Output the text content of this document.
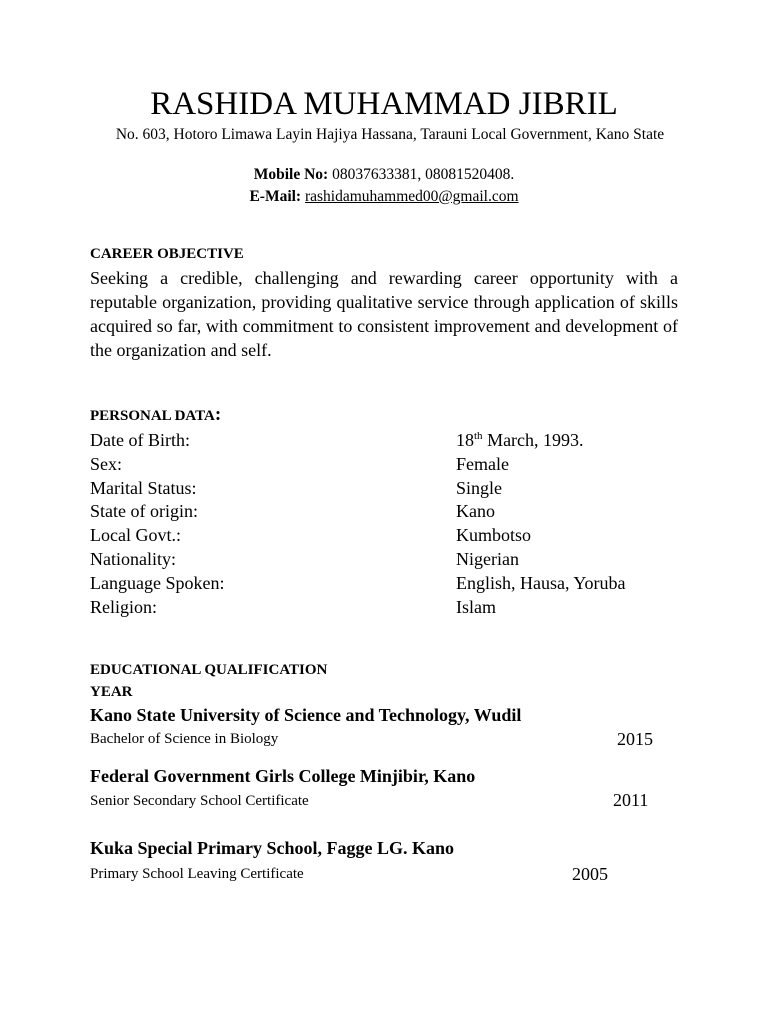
RASHIDA MUHAMMAD JIBRIL
No. 603, Hotoro Limawa Layin Hajiya Hassana, Tarauni Local Government, Kano State
Mobile No: 08037633381, 08081520408.
E-Mail: rashidamuhammed00@gmail.com
CAREER OBJECTIVE
Seeking a credible, challenging and rewarding career opportunity with a reputable organization, providing qualitative service through application of skills acquired so far, with commitment to consistent improvement and development of the organization and self.
PERSONAL DATA:
Date of Birth:	18th March, 1993.
Sex:	Female
Marital Status:	Single
State of origin:	Kano
Local Govt.:	Kumbotso
Nationality:	Nigerian
Language Spoken:	English, Hausa, Yoruba
Religion:	Islam
EDUCATIONAL QUALIFICATION
YEAR
Kano State University of Science and Technology, Wudil
Bachelor of Science in Biology	2015
Federal Government Girls College Minjibir, Kano
Senior Secondary School Certificate	2011
Kuka Special Primary School, Fagge LG. Kano
Primary School Leaving Certificate	2005
